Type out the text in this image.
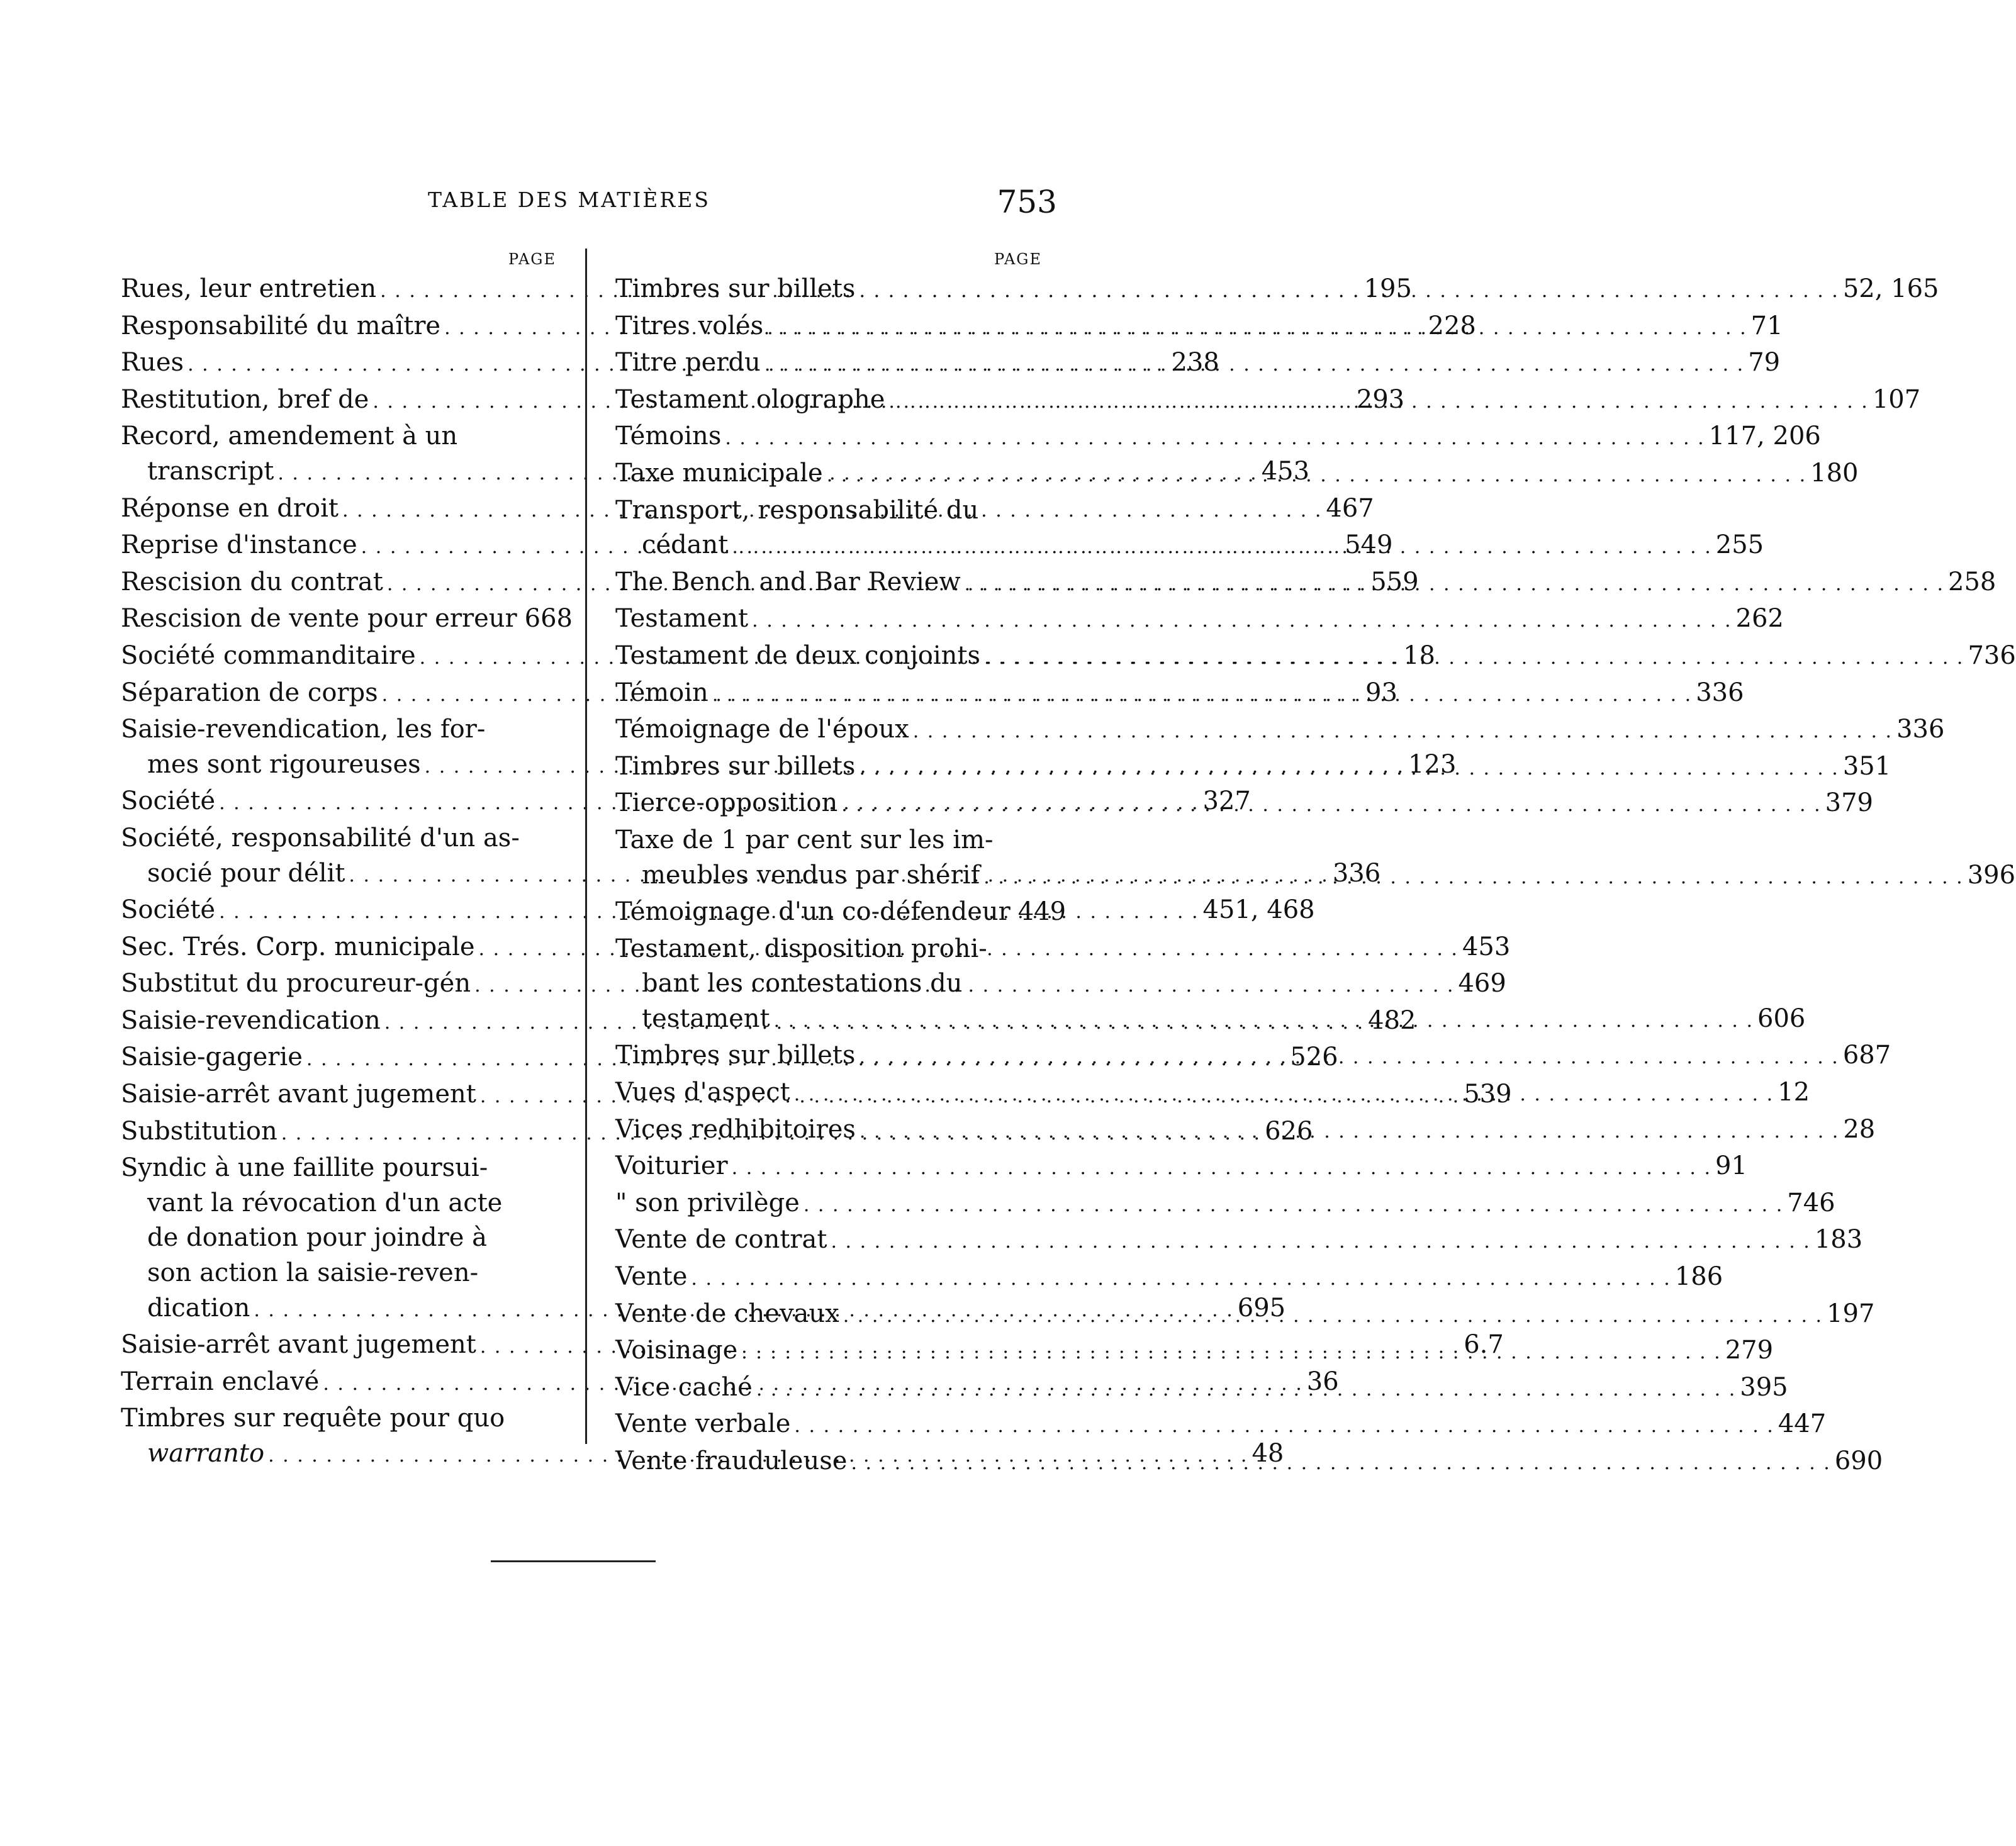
TABLE DES MATIÈRES	753
PAGE
Rues, leur entretien . . .	195
Responsabilité du maître . . .	228
Rues . . .	238
Restitution, bref de . . .	293
Record, amendement à un
transcript . . .	453
Réponse en droit . . .	467
Reprise d'instance . . .	549
Rescision du contrat . . .	559
Rescision de vente pour erreur 668
Société commanditaire . . .	18
Séparation de corps . . .	93
Saisie-revendication, les for-
mes sont rigoureuses . . .	123
Société . . .	327
Société, responsabilité d'un as-
socié pour délit . . .	336
Société . . .	451, 468
Sec. Trés. Corp. municipale . . .	453
Substitut du procureur-gén . . .	469
Saisie-revendication . . .	482
Saisie-gagerie . . .	526
Saisie-arrêt avant jugement . . .	539
Substitution . . .	626
Syndic à une faillite poursui-
vant la révocation d'un acte
de donation pour joindre à
son action la saisie-reven-
dication . . .	695
Saisie-arrêt avant jugement . . .	6.7
Terrain enclavé . . .	36
Timbres sur requête pour quo
warranto . . .	48
PAGE
Timbres sur billets . . .	52, 165
Titres volés . . .	71
Titre perdu . . .	79
Testament olographe . . .	107
Témoins . . .	117, 206
Taxe municipale . . .	180
Transport, responsabilité du
cédant . . .	255
The Bench and Bar Review . . .	258
Testament . . .	262
Testament de deux conjoints . . .	736
Témoin . . .	336
Témoignage de l'époux . . .	336
Timbres sur billets . . .	351
Tierce-opposition . . .	379
Taxe de 1 par cent sur les im-
meubles vendus par shérif . . .	396
Témoignage d'un co-défendeur 449
Testament, disposition prohi-
bant les contestations du
testament . . .	606
Timbres sur billets . . .	687
Vues d'aspect . . .	12
Vices redhibitoires . . .	28
Voiturier . . .	91
" son privilège . . .	746
Vente de contrat . . .	183
Vente . . .	186
Vente de chevaux . . .	197
Voisinage . . .	279
Vice caché . . .	395
Vente verbale . . .	447
Vente frauduleuse . . .	690
